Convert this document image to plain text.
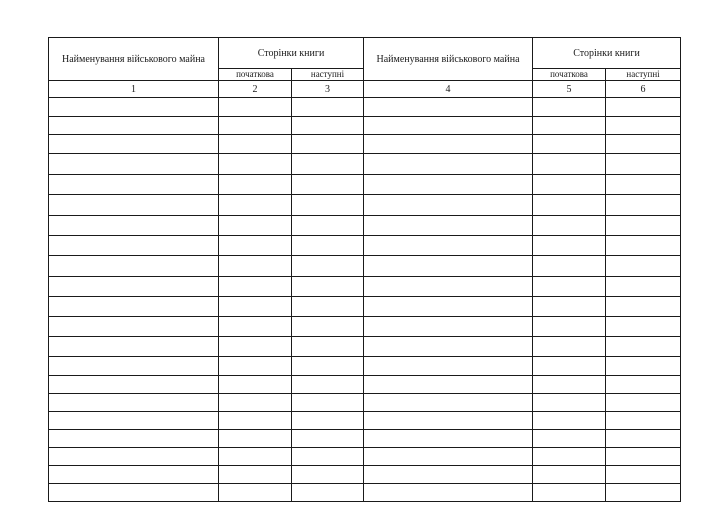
Найменування військового майна	Сторінки книги		Найменування військового майна	Сторінки книги	
	початкова	наступні		початкова	наступні
1	2	3	4	5	6
